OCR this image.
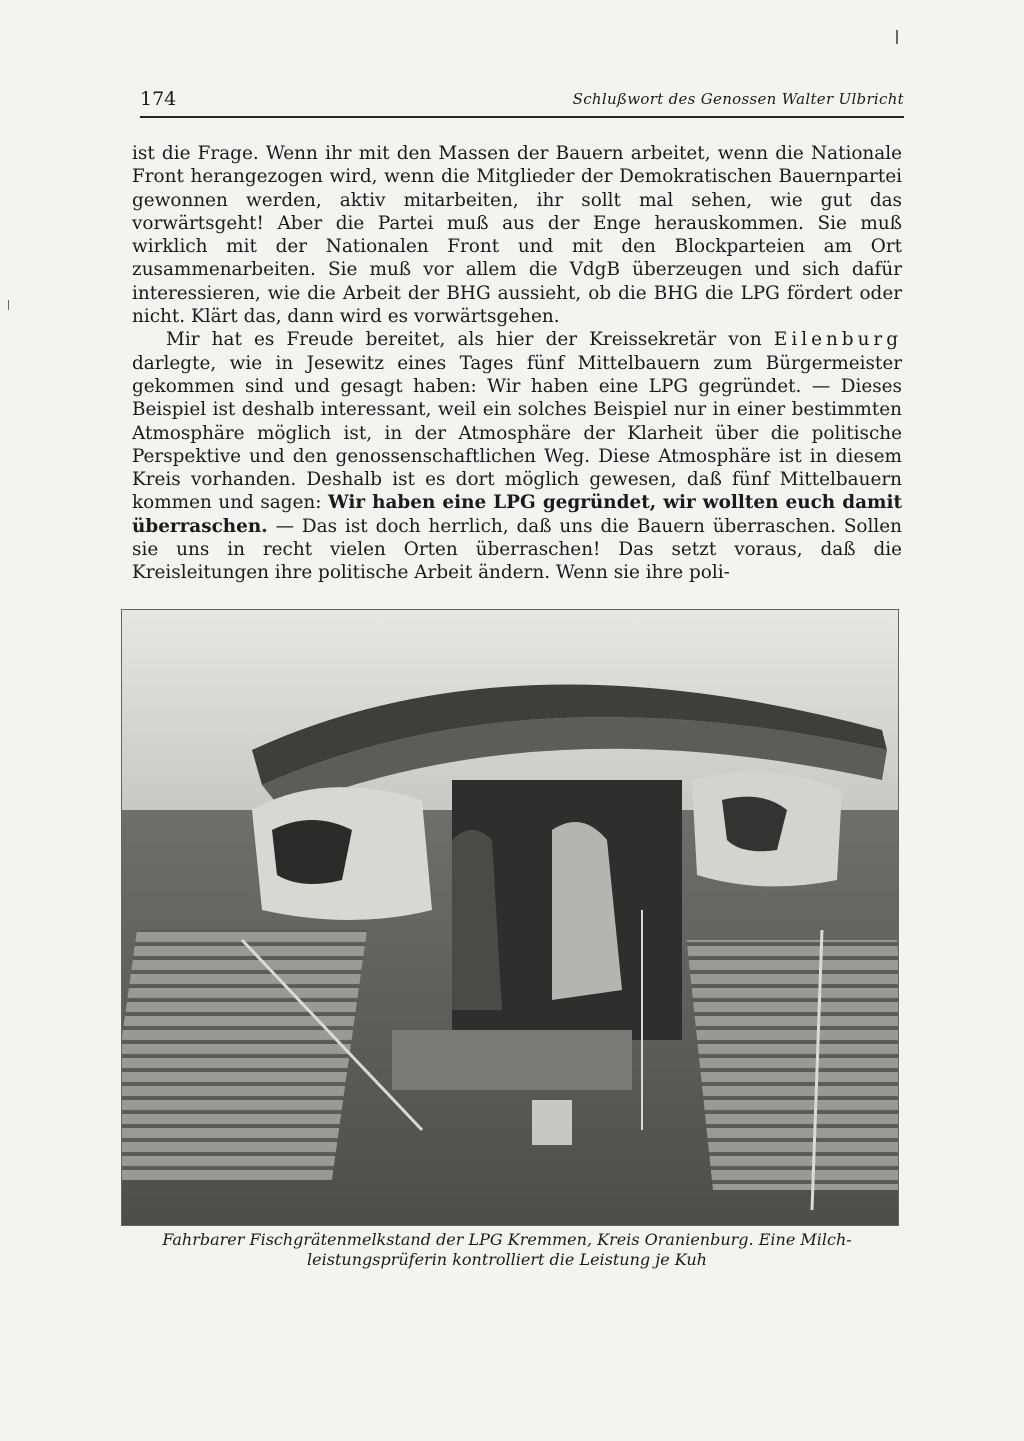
174	Schlußwort des Genossen Walter Ulbricht

ist die Frage. Wenn ihr mit den Massen der Bauern arbeitet, wenn die Nationale Front herangezogen wird, wenn die Mitglieder der Demokratischen Bauernpartei gewonnen werden, aktiv mitarbeiten, ihr sollt mal sehen, wie gut das vorwärtsgeht! Aber die Partei muß aus der Enge herauskommen. Sie muß wirklich mit der Nationalen Front und mit den Blockparteien am Ort zusammenarbeiten. Sie muß vor allem die VdgB überzeugen und sich dafür interessieren, wie die Arbeit der BHG aussieht, ob die BHG die LPG fördert oder nicht. Klärt das, dann wird es vorwärtsgehen.

Mir hat es Freude bereitet, als hier der Kreissekretär von Eilenburg darlegte, wie in Jesewitz eines Tages fünf Mittelbauern zum Bürgermeister gekommen sind und gesagt haben: Wir haben eine LPG gegründet. — Dieses Beispiel ist deshalb interessant, weil ein solches Beispiel nur in einer bestimmten Atmosphäre möglich ist, in der Atmosphäre der Klarheit über die politische Perspektive und den genossenschaftlichen Weg. Diese Atmosphäre ist in diesem Kreis vorhanden. Deshalb ist es dort möglich gewesen, daß fünf Mittelbauern kommen und sagen: Wir haben eine LPG gegründet, wir wollten euch damit überraschen. — Das ist doch herrlich, daß uns die Bauern überraschen. Sollen sie uns in recht vielen Orten überraschen! Das setzt voraus, daß die Kreisleitungen ihre politische Arbeit ändern. Wenn sie ihre poli-

Fahrbarer Fischgrätenmelkstand der LPG Kremmen, Kreis Oranienburg. Eine Milch-
leistungsprüferin kontrolliert die Leistung je Kuh
